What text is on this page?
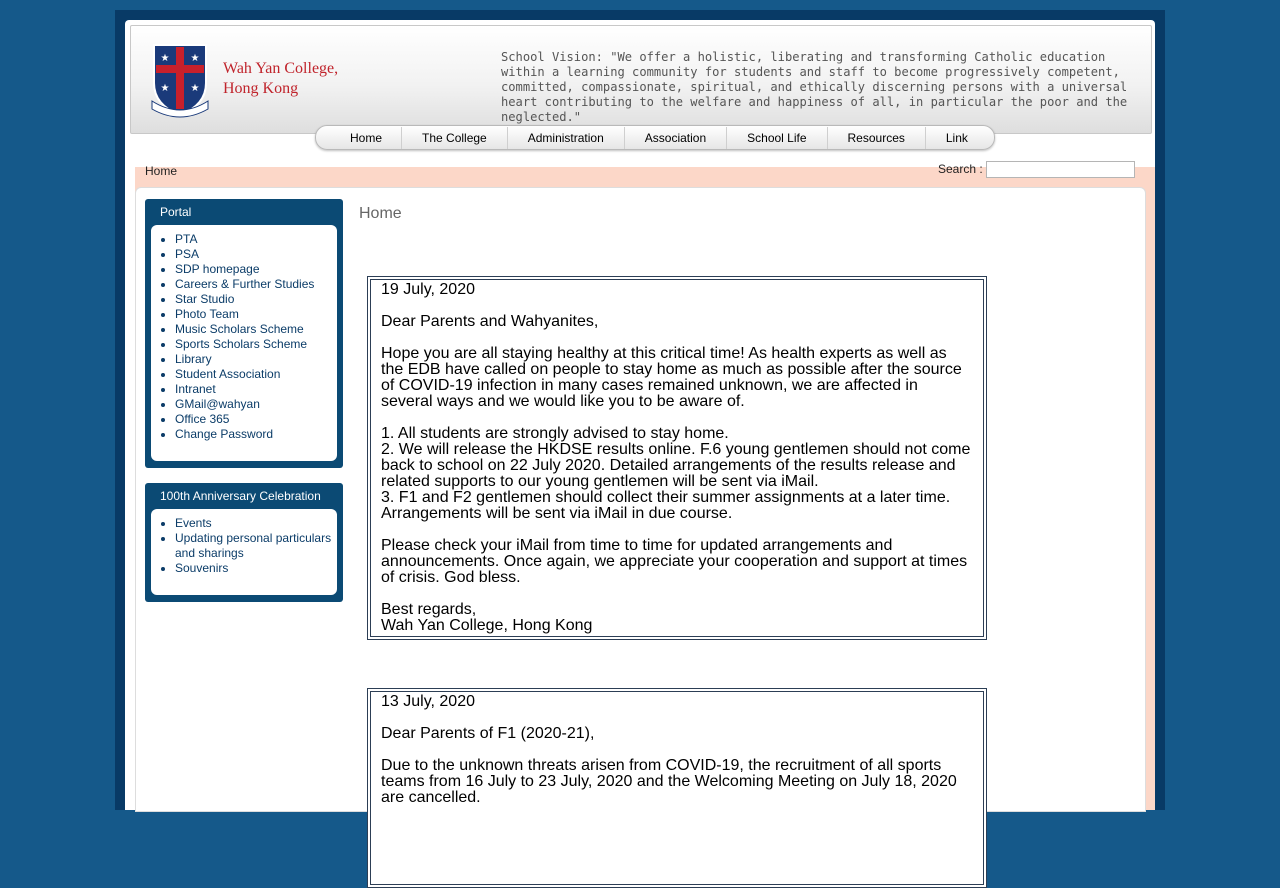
★ ★
★ ★
Wah Yan College,
Hong Kong
School Vision: "We offer a holistic, liberating and transforming Catholic education within a learning community for students and staff to become progressively competent, committed, compassionate, spiritual, and ethically discerning persons with a universal heart contributing to the welfare and happiness of all, in particular the poor and the neglected."
Home	The College	Administration	Association	School Life	Resources	Link
Home	Search :
Portal
• PTA
• PSA
• SDP homepage
• Careers & Further Studies
• Star Studio
• Photo Team
• Music Scholars Scheme
• Sports Scholars Scheme
• Library
• Student Association
• Intranet
• GMail@wahyan
• Office 365
• Change Password
100th Anniversary Celebration
• Events
• Updating personal particulars and sharings
• Souvenirs
Home

19 July, 2020

Dear Parents and Wahyanites,

Hope you are all staying healthy at this critical time! As health experts as well as the EDB have called on people to stay home as much as possible after the source of COVID-19 infection in many cases remained unknown, we are affected in several ways and we would like you to be aware of.

1. All students are strongly advised to stay home.

2. We will release the HKDSE results online. F.6 young gentlemen should not come back to school on 22 July 2020. Detailed arrangements of the results release and related supports to our young gentlemen will be sent via iMail.

3. F1 and F2 gentlemen should collect their summer assignments at a later time. Arrangements will be sent via iMail in due course.

Please check your iMail from time to time for updated arrangements and announcements. Once again, we appreciate your cooperation and support at times of crisis. God bless.

Best regards,

Wah Yan College, Hong Kong

13 July, 2020

Dear Parents of F1 (2020-21),

Due to the unknown threats arisen from COVID-19, the recruitment of all sports teams from 16 July to 23 July, 2020 and the Welcoming Meeting on July 18, 2020 are cancelled.
